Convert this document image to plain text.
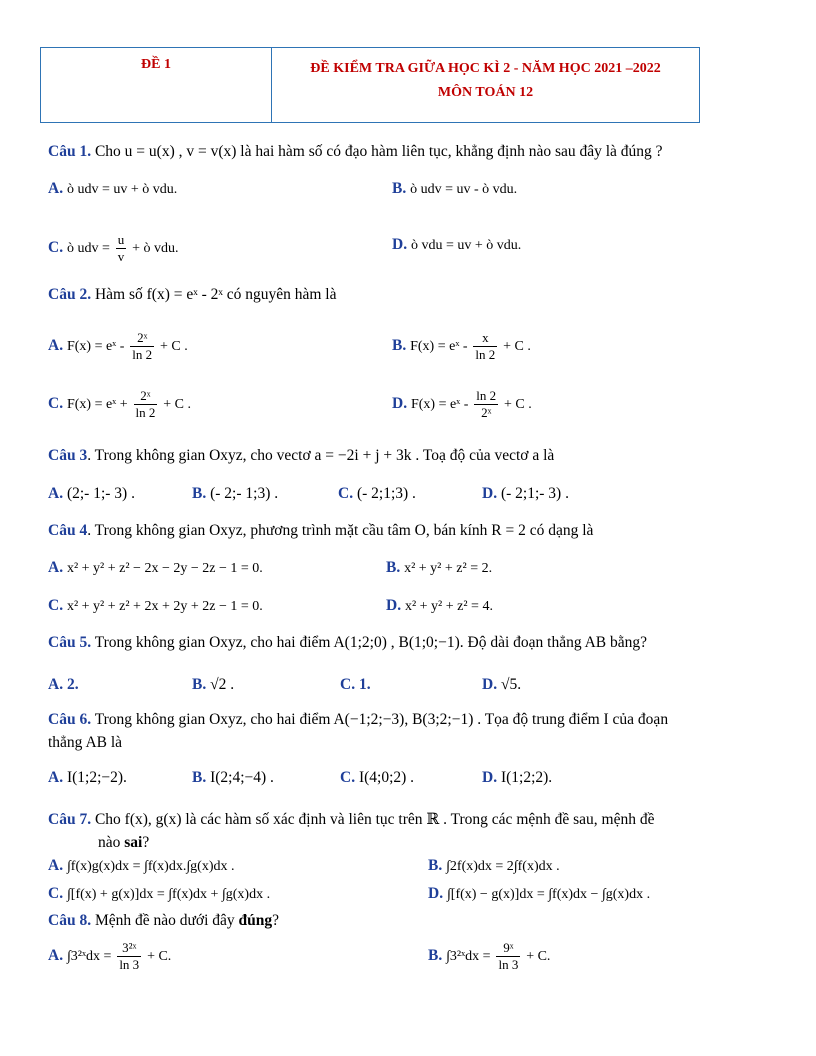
ĐỀ 1	ĐỀ KIỂM TRA GIỮA HỌC KÌ 2 - NĂM HỌC 2021 –2022
MÔN TOÁN 12
Câu 1. Cho u = u(x) , v = v(x) là hai hàm số có đạo hàm liên tục, khẳng định nào sau đây là đúng ?
A. ò udv = uv + ò vdu.	B. ò udv = uv - ò vdu.
C. ò udv = $\frac{u}{v}$ + ò vdu.	D. ò vdu = uv + ò vdu.
Câu 2. Hàm số f(x) = eˣ - 2ˣ có nguyên hàm là
A. F(x) = eˣ - $\frac{\text{2ˣ}}{\ln 2} + C$ .	B. F(x) = eˣ - $\frac{x}{\ln 2} + C$ .
C. F(x) = eˣ + $\frac{\text{2ˣ}}{\ln 2} + C$ .	D. F(x) = eˣ - $\frac{\ln 2}{\text{2ˣ}} + C$ .
Câu 3. Trong không gian Oxyz, cho vectơ a = −2i + j + 3k . Toạ độ của vectơ a là
A. (2;- 1;- 3) .	B. (- 2;- 1;3) .	C. (- 2;1;3) .	D. (- 2;1;- 3) .
Câu 4. Trong không gian Oxyz, phương trình mặt cầu tâm O, bán kính R = 2 có dạng là
A. x² + y² + z² − 2x − 2y − 2z − 1 = 0.	B. x² + y² + z² = 2.
C. x² + y² + z² + 2x + 2y + 2z − 1 = 0.	D. x² + y² + z² = 4.
Câu 5. Trong không gian Oxyz, cho hai điểm A(1;2;0) , B(1;0;−1). Độ dài đoạn thẳng AB bằng?
A. 2.	B. √2 .	C. 1.	D. √5.
Câu 6. Trong không gian Oxyz, cho hai điểm A(−1;2;−3), B(3;2;−1) . Tọa độ trung điểm I của đoạn
thẳng AB là
A. I(1;2;−2).	B. I(2;4;−4) .	C. I(4;0;2) .	D. I(1;2;2).
Câu 7. Cho f(x), g(x) là các hàm số xác định và liên tục trên ℝ . Trong các mệnh đề sau, mệnh đề
nào sai?
A. ∫f(x)g(x)dx = ∫f(x)dx.∫g(x)dx .	B. ∫2f(x)dx = 2∫f(x)dx .
C. ∫[f(x) + g(x)]dx = ∫f(x)dx + ∫g(x)dx .	D. ∫[f(x) − g(x)]dx = ∫f(x)dx − ∫g(x)dx .
Câu 8. Mệnh đề nào dưới đây đúng?
A. ∫3²ˣdx = $\frac{\text{3²ˣ}}{\ln 3} + C$.	B. ∫3²ˣdx = $\frac{\text{9ˣ}}{\ln 3} + C$.
